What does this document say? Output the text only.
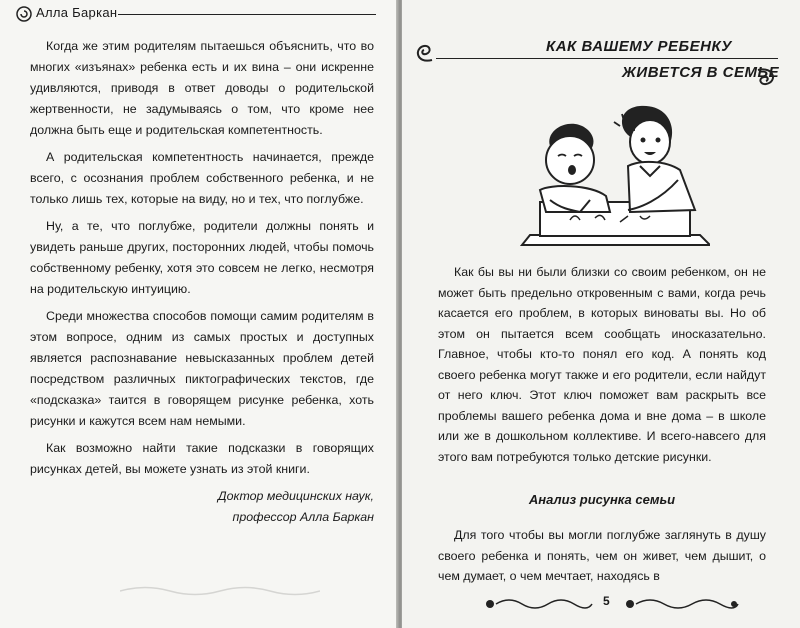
Алла Баркан

Когда же этим родителям пытаешься объяснить, что во многих «изъянах» ребенка есть и их вина – они искренне удивляются, приводя в ответ доводы о родительской жертвенности, не задумываясь о том, что кроме нее должна быть еще и родительская компетентность.

А родительская компетентность начинается, прежде всего, с осознания проблем собственного ребенка, и не только лишь тех, которые на виду, но и тех, что поглубже.

Ну, а те, что поглубже, родители должны понять и увидеть раньше других, посторонних людей, чтобы помочь собственному ребенку, хотя это совсем не легко, несмотря на родительскую интуицию.

Среди множества способов помощи самим родителям в этом вопросе, одним из самых простых и доступных является распознавание невысказанных проблем детей посредством различных пиктографических текстов, где «подсказка» таится в говорящем рисунке ребенка, хоть рисунки и кажутся всем нам немыми.

Как возможно найти такие подсказки в говорящих рисунках детей, вы можете узнать из этой книги.

Доктор медицинских наук,

профессор Алла Баркан

КАК ВАШЕМУ РЕБЕНКУ
ЖИВЕТСЯ В СЕМЬЕ

Как бы вы ни были близки со своим ребенком, он не может быть предельно откровенным с вами, когда речь касается его проблем, в которых виноваты вы. Но об этом он пытается всем сообщать иносказательно. Главное, чтобы кто-то понял его код. А понять код своего ребенка могут также и его родители, если найдут от него ключ. Этот ключ поможет вам раскрыть все проблемы вашего ребенка дома и вне дома – в школе или же в дошкольном коллективе. И всего-навсего для этого вам потребуются только детские рисунки.

Анализ рисунка семьи

Для того чтобы вы могли поглубже заглянуть в душу своего ребенка и понять, чем он живет, чем дышит, о чем думает, о чем мечтает, находясь в

5
